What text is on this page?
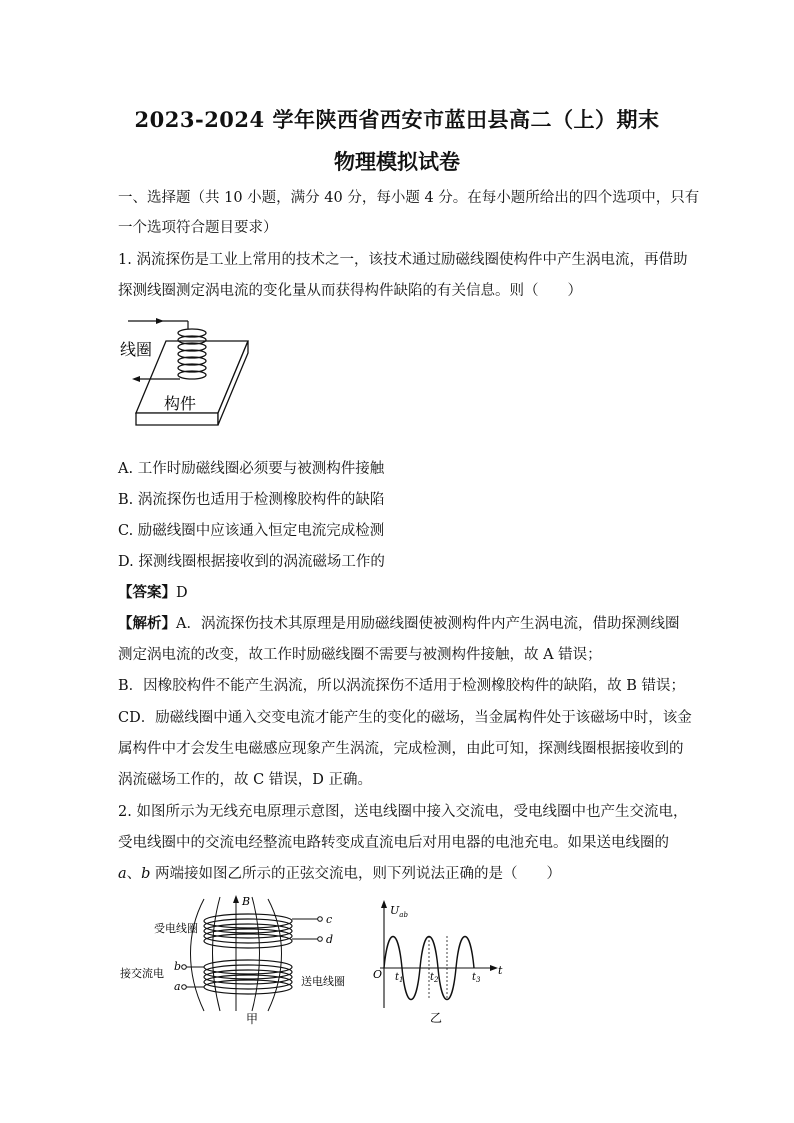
2023-2024 学年陕西省西安市蓝田县高二（上）期末
物理模拟试卷
一、选择题（共 10 小题，满分 40 分，每小题 4 分。在每小题所给出的四个选项中，只有
一个选项符合题目要求）
1. 涡流探伤是工业上常用的技术之一，该技术通过励磁线圈使构件中产生涡电流，再借助
探测线圈测定涡电流的变化量从而获得构件缺陷的有关信息。则（　　）
线圈
构件
A. 工作时励磁线圈必须要与被测构件接触
B. 涡流探伤也适用于检测橡胶构件的缺陷
C. 励磁线圈中应该通入恒定电流完成检测
D. 探测线圈根据接收到的涡流磁场工作的
【答案】D
【解析】A．涡流探伤技术其原理是用励磁线圈使被测构件内产生涡电流，借助探测线圈
测定涡电流的改变，故工作时励磁线圈不需要与被测构件接触，故 A 错误；
B．因橡胶构件不能产生涡流，所以涡流探伤不适用于检测橡胶构件的缺陷，故 B 错误；
CD．励磁线圈中通入交变电流才能产生的变化的磁场，当金属构件处于该磁场中时，该金
属构件中才会发生电磁感应现象产生涡流，完成检测，由此可知，探测线圈根据接收到的
涡流磁场工作的，故 C 错误，D 正确。
2. 如图所示为无线充电原理示意图，送电线圈中接入交流电，受电线圈中也产生交流电，
受电线圈中的交流电经整流电路转变成直流电后对用电器的电池充电。如果送电线圈的
a、b 两端接如图乙所示的正弦交流电，则下列说法正确的是（　　）
B
c
d
受电线圈
b
a
接交流电
送电线圈
甲
$U_{ab}$
t
O $t_1$	$t_2$	$t_3$
乙
